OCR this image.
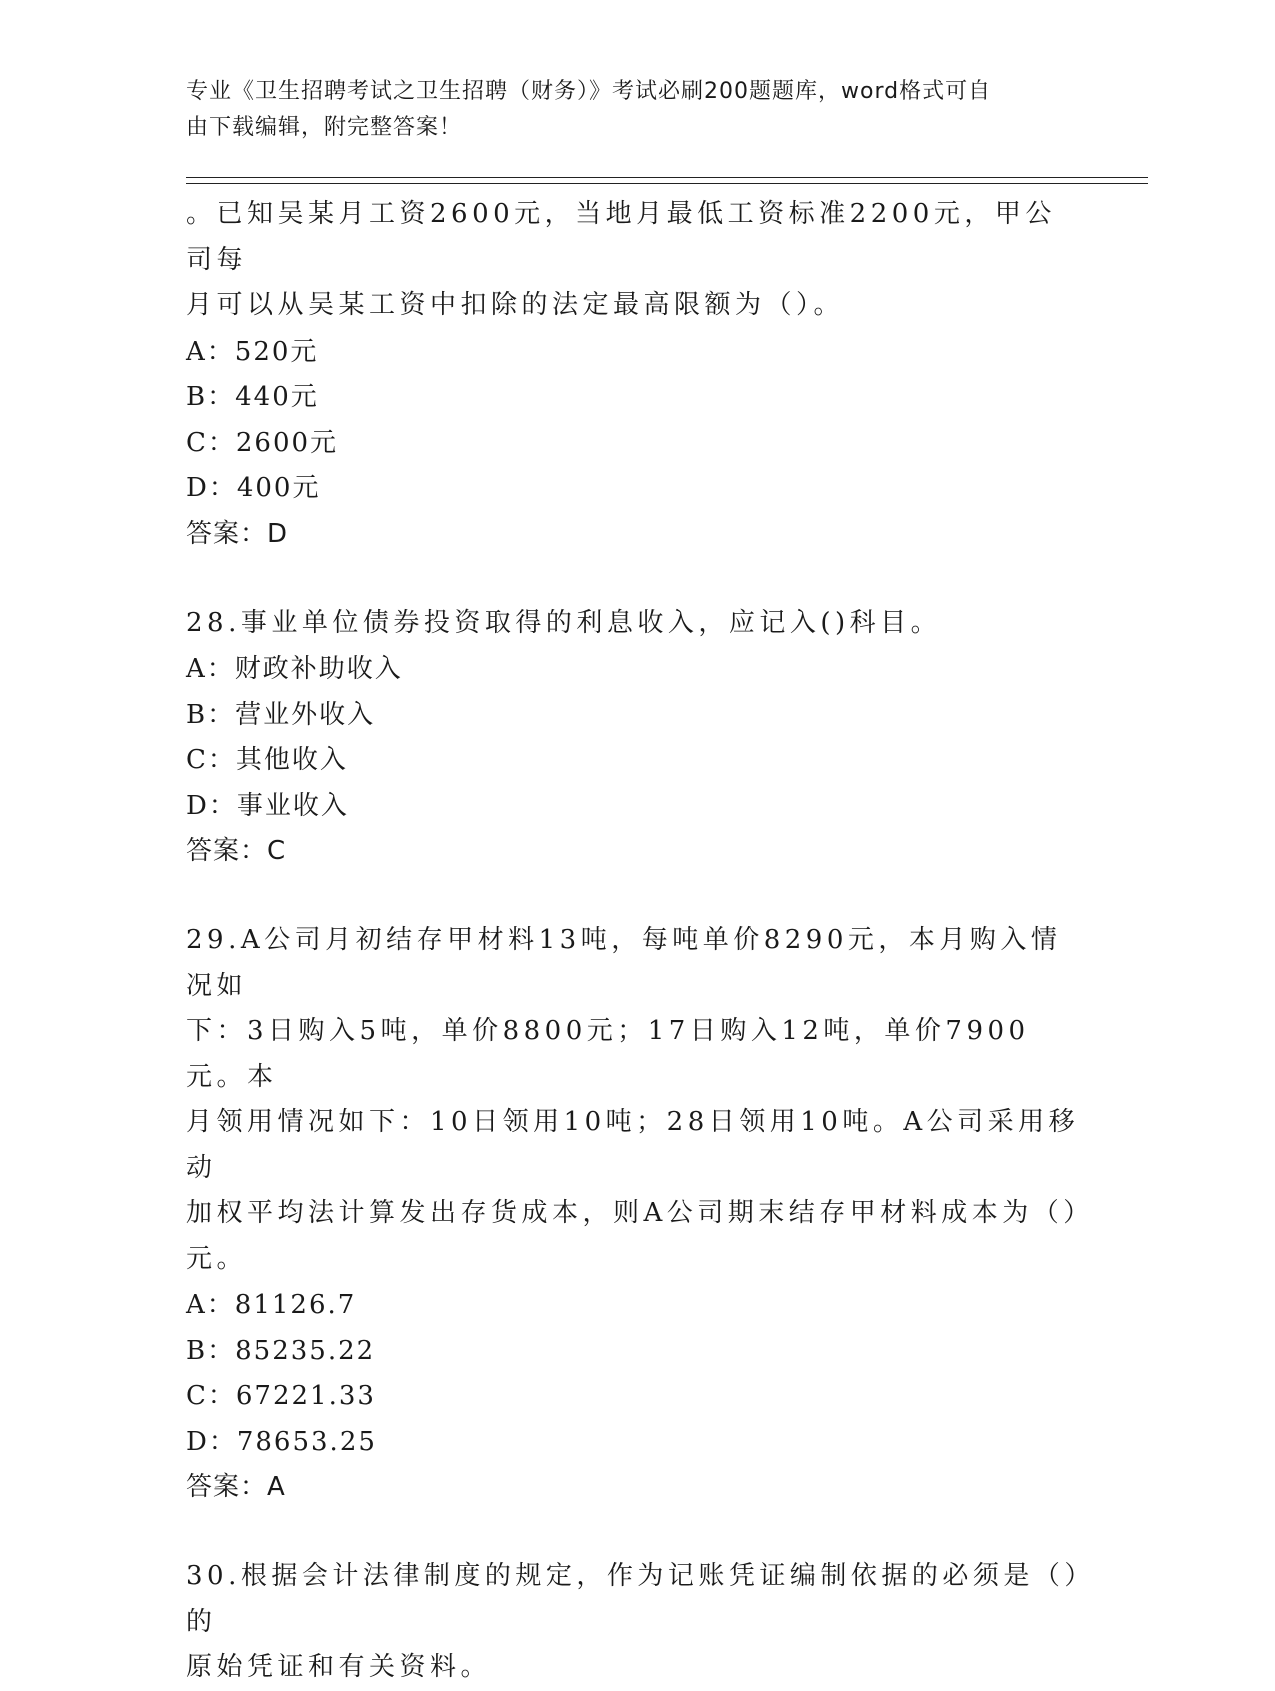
专业《卫生招聘考试之卫生招聘（财务）》考试必刷200题题库，word格式可自
由下载编辑，附完整答案！
。已知吴某月工资2600元，当地月最低工资标准2200元，甲公司每
月可以从吴某工资中扣除的法定最高限额为（）。
A：520元
B：440元
C：2600元
D：400元
答案：D
28.事业单位债券投资取得的利息收入，应记入()科目。
A：财政补助收入
B：营业外收入
C：其他收入
D：事业收入
答案：C
29.A公司月初结存甲材料13吨，每吨单价8290元，本月购入情况如
下：3日购入5吨，单价8800元；17日购入12吨，单价7900元。本
月领用情况如下：10日领用10吨；28日领用10吨。A公司采用移动
加权平均法计算发出存货成本，则A公司期末结存甲材料成本为（）
元。
A：81126.7
B：85235.22
C：67221.33
D：78653.25
答案：A
30.根据会计法律制度的规定，作为记账凭证编制依据的必须是（）的
原始凭证和有关资料。
